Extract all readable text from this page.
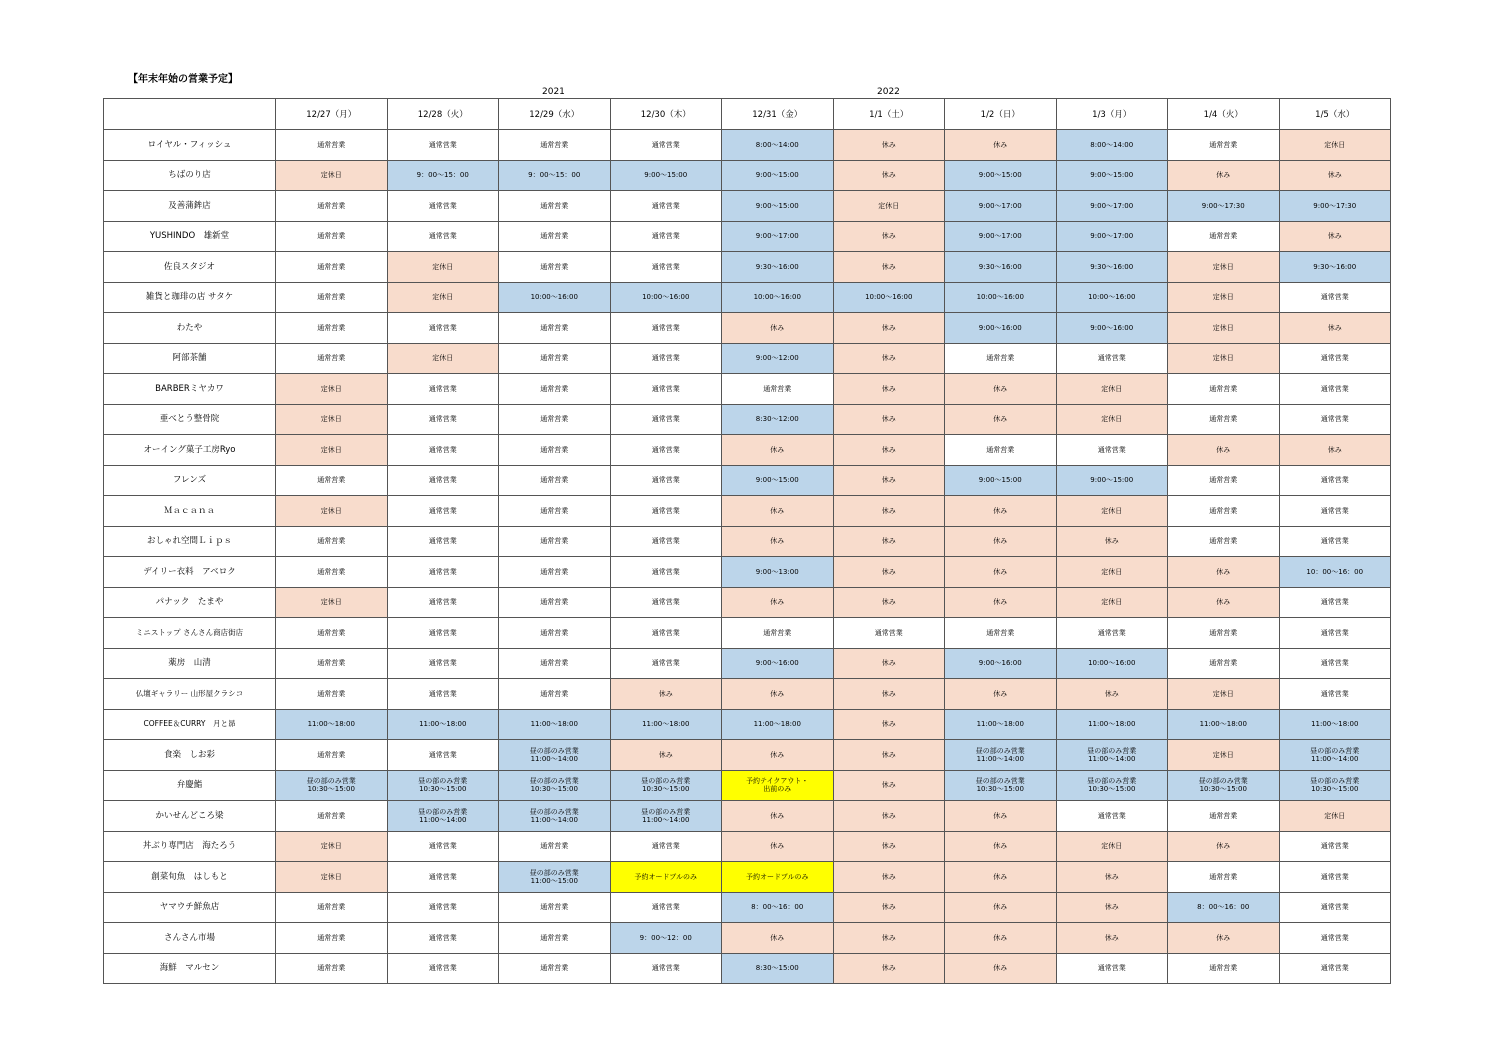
【年末年始の営業予定】
2021	2022
	12/27（月）	12/28（火）	12/29（水）	12/30（木）	12/31（金）	1/1（土）	1/2（日）	1/3（月）	1/4（火）	1/5（水）
ロイヤル・フィッシュ	通常営業	通常営業	通常営業	通常営業	8:00～14:00	休み	休み	8:00～14:00	通常営業	定休日

ちばのり店	定休日	9：00～15：00	9：00～15：00	9:00～15:00	9:00～15:00	休み	9:00～15:00	9:00～15:00	休み	休み

及善蒲鉾店	通常営業	通常営業	通常営業	通常営業	9:00～15:00	定休日	9:00～17:00	9:00～17:00	9:00～17:30	9:00～17:30

YUSHINDO　雄新堂	通常営業	通常営業	通常営業	通常営業	9:00～17:00	休み	9:00～17:00	9:00～17:00	通常営業	休み

佐良スタジオ	通常営業	定休日	通常営業	通常営業	9:30～16:00	休み	9:30～16:00	9:30～16:00	定休日	9:30～16:00

雑貨と珈琲の店 サタケ	通常営業	定休日	10:00～16:00	10:00～16:00	10:00～16:00	10:00～16:00	10:00～16:00	10:00～16:00	定休日	通常営業

わたや	通常営業	通常営業	通常営業	通常営業	休み	休み	9:00～16:00	9:00～16:00	定休日	休み

阿部茶舗	通常営業	定休日	通常営業	通常営業	9:00～12:00	休み	通常営業	通常営業	定休日	通常営業

BARBERミヤカワ	定休日	通常営業	通常営業	通常営業	通常営業	休み	休み	定休日	通常営業	通常営業

亜べとう整骨院	定休日	通常営業	通常営業	通常営業	8:30～12:00	休み	休み	定休日	通常営業	通常営業

オーイング菓子工房Ryo	定休日	通常営業	通常営業	通常営業	休み	休み	通常営業	通常営業	休み	休み

フレンズ	通常営業	通常営業	通常営業	通常営業	9:00～15:00	休み	9:00～15:00	9:00～15:00	通常営業	通常営業

Ｍａｃａｎａ	定休日	通常営業	通常営業	通常営業	休み	休み	休み	定休日	通常営業	通常営業

おしゃれ空間Ｌｉｐｓ	通常営業	通常営業	通常営業	通常営業	休み	休み	休み	休み	通常営業	通常営業

デイリー衣料　アベロク	通常営業	通常営業	通常営業	通常営業	9:00～13:00	休み	休み	定休日	休み	10：00～16：00

パナック　たまや	定休日	通常営業	通常営業	通常営業	休み	休み	休み	定休日	休み	通常営業

ミニストップ さんさん商店街店	通常営業	通常営業	通常営業	通常営業	通常営業	通常営業	通常営業	通常営業	通常営業	通常営業

薬房　山清	通常営業	通常営業	通常営業	通常営業	9:00～16:00	休み	9:00～16:00	10:00～16:00	通常営業	通常営業

仏壇ギャラリー 山形屋クラシコ	通常営業	通常営業	通常営業	休み	休み	休み	休み	休み	定休日	通常営業

COFFEE＆CURRY　月と昴	11:00～18:00	11:00～18:00	11:00～18:00	11:00～18:00	11:00～18:00	休み	11:00～18:00	11:00～18:00	11:00～18:00	11:00～18:00

食楽　しお彩	通常営業	通常営業	昼の部のみ営業
11:00～14:00	休み	休み	休み	昼の部のみ営業
11:00～14:00	昼の部のみ営業
11:00～14:00	定休日	昼の部のみ営業
11:00～14:00

弁慶鮨	昼の部のみ営業
10:30～15:00	昼の部のみ営業
10:30～15:00	昼の部のみ営業
10:30～15:00	昼の部のみ営業
10:30～15:00	予約テイクアウト・
出前のみ	休み	昼の部のみ営業
10:30～15:00	昼の部のみ営業
10:30～15:00	昼の部のみ営業
10:30～15:00	昼の部のみ営業
10:30～15:00

かいせんどころ梁	通常営業	昼の部のみ営業
11:00～14:00	昼の部のみ営業
11:00～14:00	昼の部のみ営業
11:00～14:00	休み	休み	休み	通常営業	通常営業	定休日

丼ぶり専門店　海たろう	定休日	通常営業	通常営業	通常営業	休み	休み	休み	定休日	休み	通常営業

創菜旬魚　はしもと	定休日	通常営業	昼の部のみ営業
11:00～15:00	予約オードブルのみ	予約オードブルのみ	休み	休み	休み	通常営業	通常営業

ヤマウチ鮮魚店	通常営業	通常営業	通常営業	通常営業	8：00～16：00	休み	休み	休み	8：00～16：00	通常営業

さんさん市場	通常営業	通常営業	通常営業	9：00～12：00	休み	休み	休み	休み	休み	通常営業

海鮮　マルセン	通常営業	通常営業	通常営業	通常営業	8:30～15:00	休み	休み	通常営業	通常営業	通常営業
